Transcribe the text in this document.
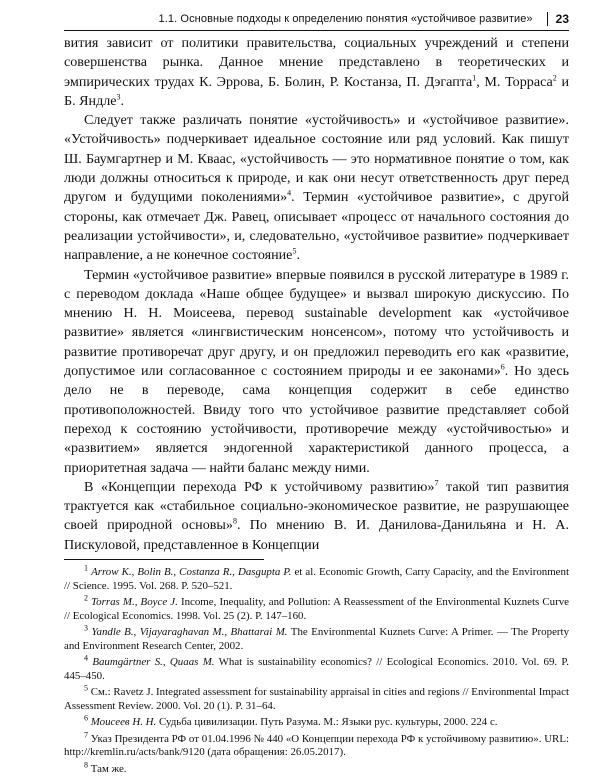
1.1. Основные подходы к определению понятия «устойчивое развитие» 23

вития зависит от политики правительства, социальных учреждений и степени совершенства рынка. Данное мнение представлено в теоретических и эмпирических трудах К. Эррова, Б. Болин, Р. Костанза, П. Дэгаптa$^1$, М. Торраса$^2$ и Б. Яндле$^3$.

Следует также различать понятие «устойчивость» и «устойчивое развитие». «Устойчивость» подчеркивает идеальное состояние или ряд условий. Как пишут Ш. Баумгартнер и М. Кваас, «устойчивость — это нормативное понятие о том, как люди должны относиться к природе, и как они несут ответственность друг перед другом и будущими поколениями»$^4$. Термин «устойчивое развитие», с другой стороны, как отмечает Дж. Равец, описывает «процесс от начального состояния до реализации устойчивости», и, следовательно, «устойчивое развитие» подчеркивает направление, а не конечное состояние$^5$.

Термин «устойчивое развитие» впервые появился в русской литературе в 1989 г. с переводом доклада «Наше общее будущее» и вызвал широкую дискуссию. По мнению Н. Н. Моисеева, перевод sustainable development как «устойчивое развитие» является «лингвистическим нонсенсом», потому что устойчивость и развитие противоречат друг другу, и он предложил переводить его как «развитие, допустимое или согласованное с состоянием природы и ее законами»$^6$. Но здесь дело не в переводе, сама концепция содержит в себе единство противоположностей. Ввиду того что устойчивое развитие представляет собой переход к состоянию устойчивости, противоречие между «устойчивостью» и «развитием» является эндогенной характеристикой данного процесса, а приоритетная задача — найти баланс между ними.

В «Концепции перехода РФ к устойчивому развитию»$^7$ такой тип развития трактуется как «стабильное социально-экономическое развитие, не разрушающее своей природной основы»$^8$. По мнению В. И. Данилова-Данильяна и Н. А. Пискуловой, представленное в Концепции

$^1$ Arrow K., Bolin B., Costanza R., Dasgupta P. et al. Economic Growth, Carry Capacity, and the Environment // Science. 1995. Vol. 268. P. 520–521.

$^2$ Torras M., Boyce J. Income, Inequality, and Pollution: A Reassessment of the Environmental Kuznets Curve // Ecological Economics. 1998. Vol. 25 (2). P. 147–160.

$^3$ Yandle B., Vijayaraghavan M., Bhattarai M. The Environmental Kuznets Curve: A Primer. — The Property and Environment Research Center, 2002.

$^4$ Baumgärtner S., Quaas M. What is sustainability economics? // Ecological Economics. 2010. Vol. 69. P. 445–450.

$^5$ См.: Ravetz J. Integrated assessment for sustainability appraisal in cities and regions // Environmental Impact Assessment Review. 2000. Vol. 20 (1). P. 31–64.

$^6$ Моисеев Н. Н. Судьба цивилизации. Путь Разума. М.: Языки рус. культуры, 2000. 224 с.

$^7$ Указ Президента РФ от 01.04.1996 № 440 «О Концепции перехода РФ к устойчивому развитию». URL: http://kremlin.ru/acts/bank/9120 (дата обращения: 26.05.2017).

$^8$ Там же.
